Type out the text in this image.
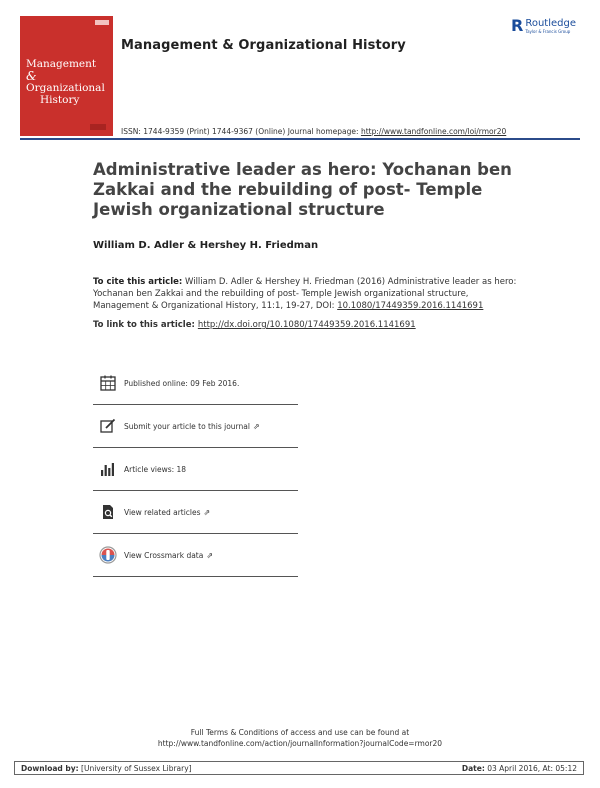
Management
&
Organizational
History
Management & Organizational History
R Routledge
Taylor & Francis Group
ISSN: 1744-9359 (Print) 1744-9367 (Online) Journal homepage: http://www.tandfonline.com/loi/rmor20
Administrative leader as hero: Yochanan ben Zakkai and the rebuilding of post- Temple Jewish organizational structure
William D. Adler & Hershey H. Friedman
To cite this article: William D. Adler & Hershey H. Friedman (2016) Administrative leader as hero: Yochanan ben Zakkai and the rebuilding of post- Temple Jewish organizational structure, Management & Organizational History, 11:1, 19-27, DOI: 10.1080/17449359.2016.1141691
To link to this article: http://dx.doi.org/10.1080/17449359.2016.1141691
Published online: 09 Feb 2016.
Submit your article to this journal ⇗
Article views: 18
View related articles ⇗
View Crossmark data ⇗
Full Terms & Conditions of access and use can be found at
http://www.tandfonline.com/action/journalInformation?journalCode=rmor20
Download by: [University of Sussex Library]	Date: 03 April 2016, At: 05:12
